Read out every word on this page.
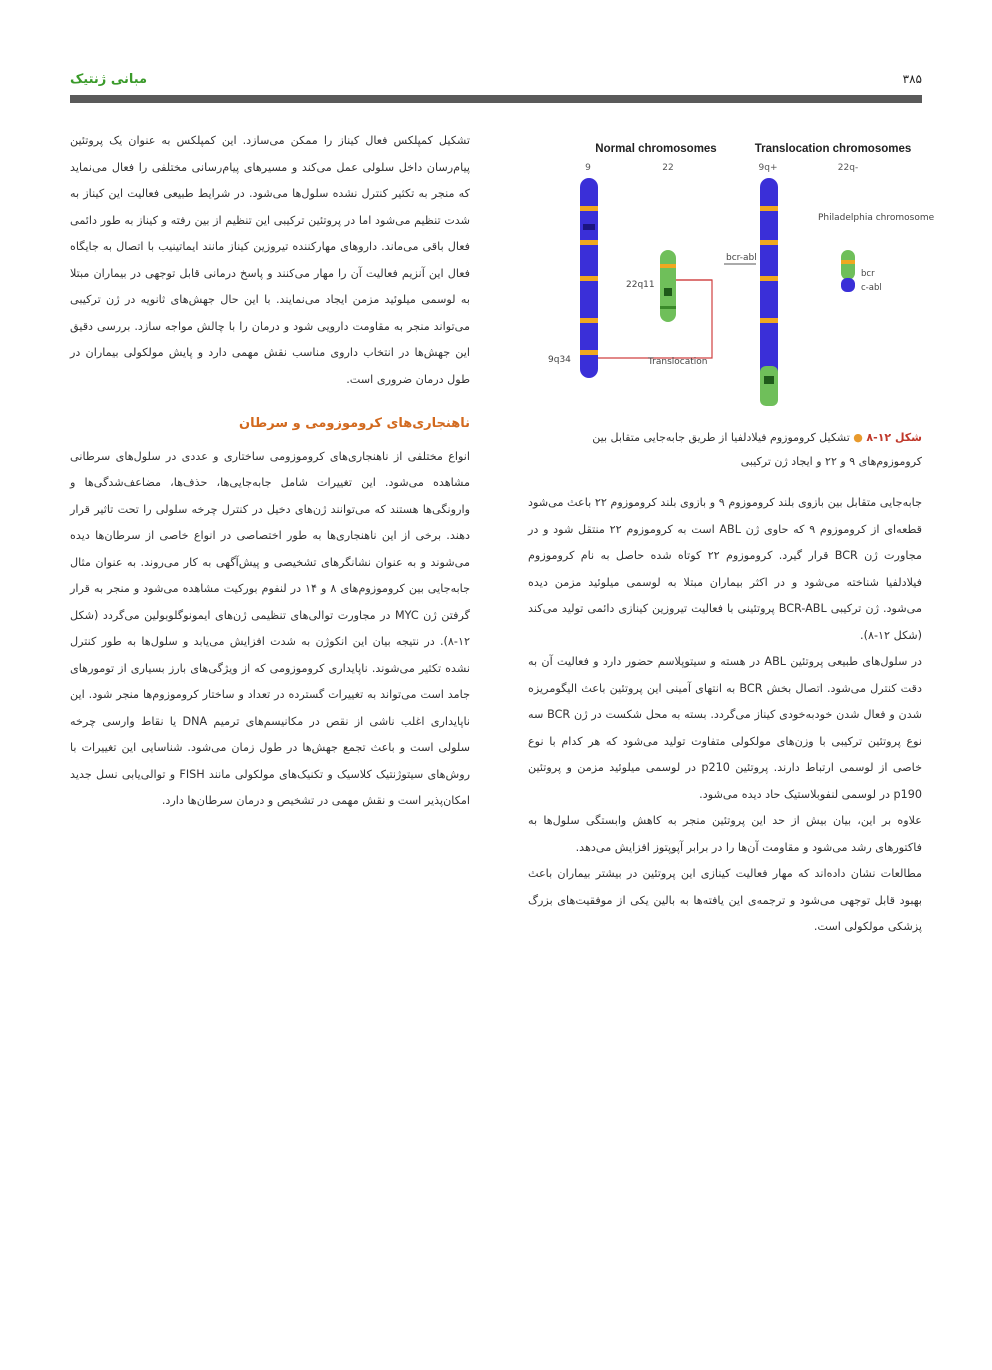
مبانی ژنتیک	۳۸۵
Normal chromosomes	Translocation chromosomes
9	22	9q+	22q-
9q34
22q11
Translocation
bcr-abl
Philadelphia chromosome
bcr
c-abl
شکل ۱۲-۸ ● تشکیل کروموزوم فیلادلفیا از طریق جابه‌جایی متقابل بین کروموزوم‌های ۹ و ۲۲ و ایجاد ژن ترکیبی

تشکیل کمپلکس فعال کیناز را ممکن می‌سازد. این کمپلکس به عنوان یک پروتئین پیام‌رسان داخل سلولی عمل می‌کند و مسیرهای پیام‌رسانی مختلفی را فعال می‌نماید که منجر به تکثیر کنترل نشده سلول‌ها می‌شود. در شرایط طبیعی فعالیت این کیناز به شدت تنظیم می‌شود اما در پروتئین ترکیبی این تنظیم از بین رفته و کیناز به طور دائمی فعال باقی می‌ماند. داروهای مهارکننده تیروزین کیناز مانند ایماتینیب با اتصال به جایگاه فعال این آنزیم فعالیت آن را مهار می‌کنند و پاسخ درمانی قابل توجهی در بیماران مبتلا به لوسمی میلوئید مزمن ایجاد می‌نمایند. با این حال جهش‌های ثانویه در ژن ترکیبی می‌تواند منجر به مقاومت دارویی شود و درمان را با چالش مواجه سازد. بررسی دقیق این جهش‌ها در انتخاب داروی مناسب نقش مهمی دارد و پایش مولکولی بیماران در طول درمان ضروری است.

ناهنجاری‌های کروموزومی و سرطان

انواع مختلفی از ناهنجاری‌های کروموزومی ساختاری و عددی در سلول‌های سرطانی مشاهده می‌شود. این تغییرات شامل جابه‌جایی‌ها، حذف‌ها، مضاعف‌شدگی‌ها و وارونگی‌ها هستند که می‌توانند ژن‌های دخیل در کنترل چرخه سلولی را تحت تاثیر قرار دهند. برخی از این ناهنجاری‌ها به طور اختصاصی در انواع خاصی از سرطان‌ها دیده می‌شوند و به عنوان نشانگرهای تشخیصی و پیش‌آگهی به کار می‌روند. به عنوان مثال جابه‌جایی بین کروموزوم‌های ۸ و ۱۴ در لنفوم بورکیت مشاهده می‌شود و منجر به قرار گرفتن ژن MYC در مجاورت توالی‌های تنظیمی ژن‌های ایمونوگلوبولین می‌گردد (شکل ۱۲-۸). در نتیجه بیان این انکوژن به شدت افزایش می‌یابد و سلول‌ها به طور کنترل نشده تکثیر می‌شوند. ناپایداری کروموزومی که از ویژگی‌های بارز بسیاری از تومورهای جامد است می‌تواند به تغییرات گسترده در تعداد و ساختار کروموزوم‌ها منجر شود. این ناپایداری اغلب ناشی از نقص در مکانیسم‌های ترمیم DNA یا نقاط وارسی چرخه سلولی است و باعث تجمع جهش‌ها در طول زمان می‌شود. شناسایی این تغییرات با روش‌های سیتوژنتیک کلاسیک و تکنیک‌های مولکولی مانند FISH و توالی‌یابی نسل جدید امکان‌پذیر است و نقش مهمی در تشخیص و درمان سرطان‌ها دارد.

جابه‌جایی متقابل بین بازوی بلند کروموزوم ۹ و بازوی بلند کروموزوم ۲۲ باعث می‌شود قطعه‌ای از کروموزوم ۹ که حاوی ژن ABL است به کروموزوم ۲۲ منتقل شود و در مجاورت ژن BCR قرار گیرد. کروموزوم ۲۲ کوتاه شده حاصل به نام کروموزوم فیلادلفیا شناخته می‌شود و در اکثر بیماران مبتلا به لوسمی میلوئید مزمن دیده می‌شود. ژن ترکیبی BCR-ABL پروتئینی با فعالیت تیروزین کینازی دائمی تولید می‌کند (شکل ۱۲-۸).

در سلول‌های طبیعی پروتئین ABL در هسته و سیتوپلاسم حضور دارد و فعالیت آن به دقت کنترل می‌شود. اتصال بخش BCR به انتهای آمینی این پروتئین باعث الیگومریزه شدن و فعال شدن خودبه‌خودی کیناز می‌گردد. بسته به محل شکست در ژن BCR سه نوع پروتئین ترکیبی با وزن‌های مولکولی متفاوت تولید می‌شود که هر کدام با نوع خاصی از لوسمی ارتباط دارند. پروتئین p210 در لوسمی میلوئید مزمن و پروتئین p190 در لوسمی لنفوبلاستیک حاد دیده می‌شود.

علاوه بر این، بیان بیش از حد این پروتئین منجر به کاهش وابستگی سلول‌ها به فاکتورهای رشد می‌شود و مقاومت آن‌ها را در برابر آپوپتوز افزایش می‌دهد.

مطالعات نشان داده‌اند که مهار فعالیت کینازی این پروتئین در بیشتر بیماران باعث بهبود قابل توجهی می‌شود و ترجمه‌ی این یافته‌ها به بالین یکی از موفقیت‌های بزرگ پزشکی مولکولی است.
